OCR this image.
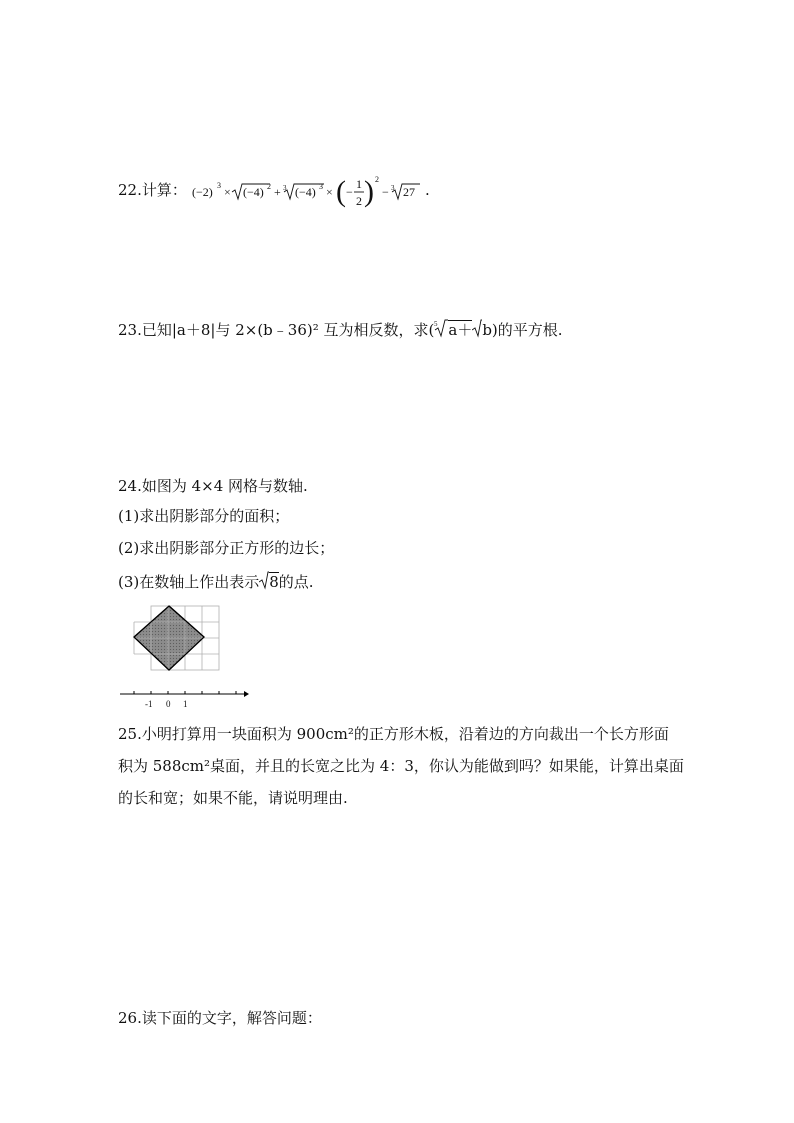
22.计算： (−2) 3 × (−4) 2 + 3 (−4) 3 × ( −
1
2 ) 2
− 3 27 .
23.已知|a＋8|与 2×(b﹣36)² 互为相反数，求( 5 a＋ b)的平方根.
24.如图为 4×4 网格与数轴.
(1)求出阴影部分的面积；
(2)求出阴影部分正方形的边长；
(3)在数轴上作出表示 8的点.
-1 0 1
25.小明打算用一块面积为 900cm²的正方形木板，沿着边的方向裁出一个长方形面
积为 588cm²桌面，并且的长宽之比为 4：3，你认为能做到吗？如果能，计算出桌面
的长和宽；如果不能，请说明理由.
26.读下面的文字，解答问题：
